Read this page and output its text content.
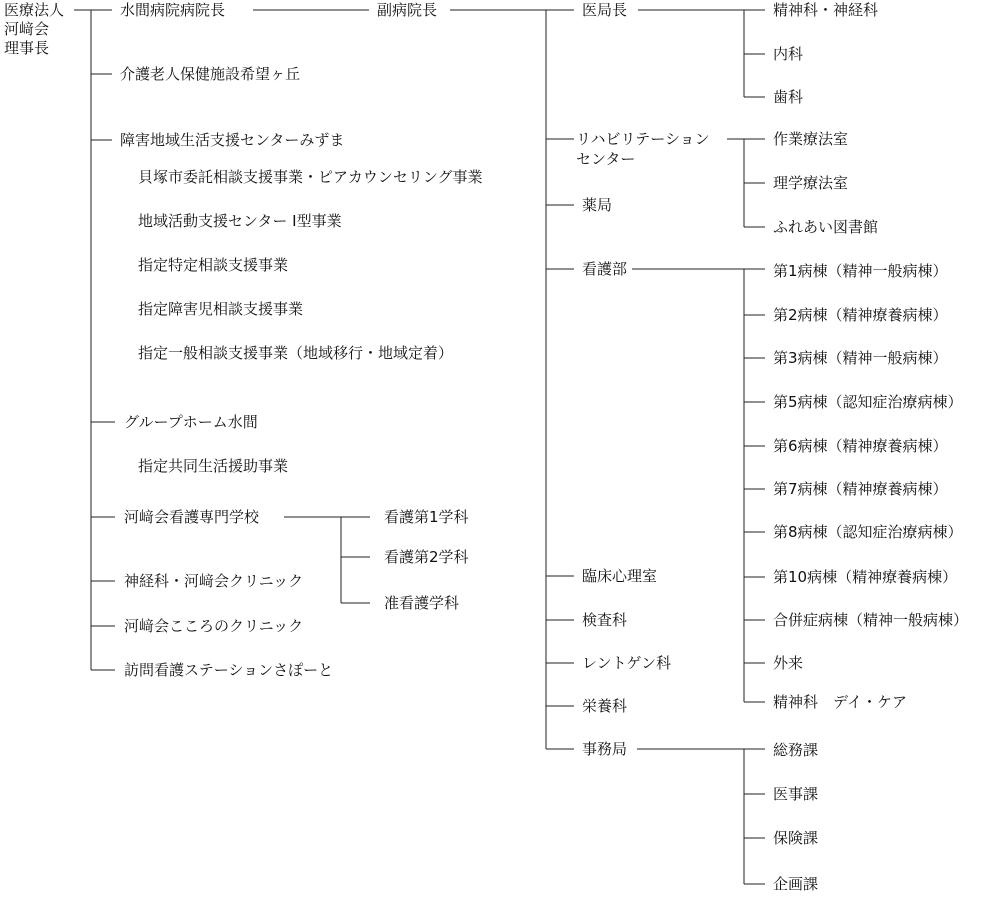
医療法人
河﨑会
理事長
水間病院病院長
介護老人保健施設希望ヶ丘
障害地域生活支援センターみずま
貝塚市委託相談支援事業・ピアカウンセリング事業
地域活動支援センター Ⅰ型事業
指定特定相談支援事業
指定障害児相談支援事業
指定一般相談支援事業（地域移行・地域定着）
グループホーム水間
指定共同生活援助事業
河﨑会看護専門学校
神経科・河﨑会クリニック
河﨑会こころのクリニック
訪問看護ステーションさぽーと
看護第1学科
看護第2学科
准看護学科
副病院長	医局長
リハビリテーション
センター
薬局
看護部
臨床心理室
検査科
レントゲン科
栄養科
事務局
精神科・神経科
内科
歯科
作業療法室
理学療法室
ふれあい図書館
第1病棟（精神一般病棟）
第2病棟（精神療養病棟）
第3病棟（精神一般病棟）
第5病棟（認知症治療病棟）
第6病棟（精神療養病棟）
第7病棟（精神療養病棟）
第8病棟（認知症治療病棟）
第10病棟（精神療養病棟）
合併症病棟（精神一般病棟）
外来
精神科　デイ・ケア
総務課
医事課
保険課
企画課
